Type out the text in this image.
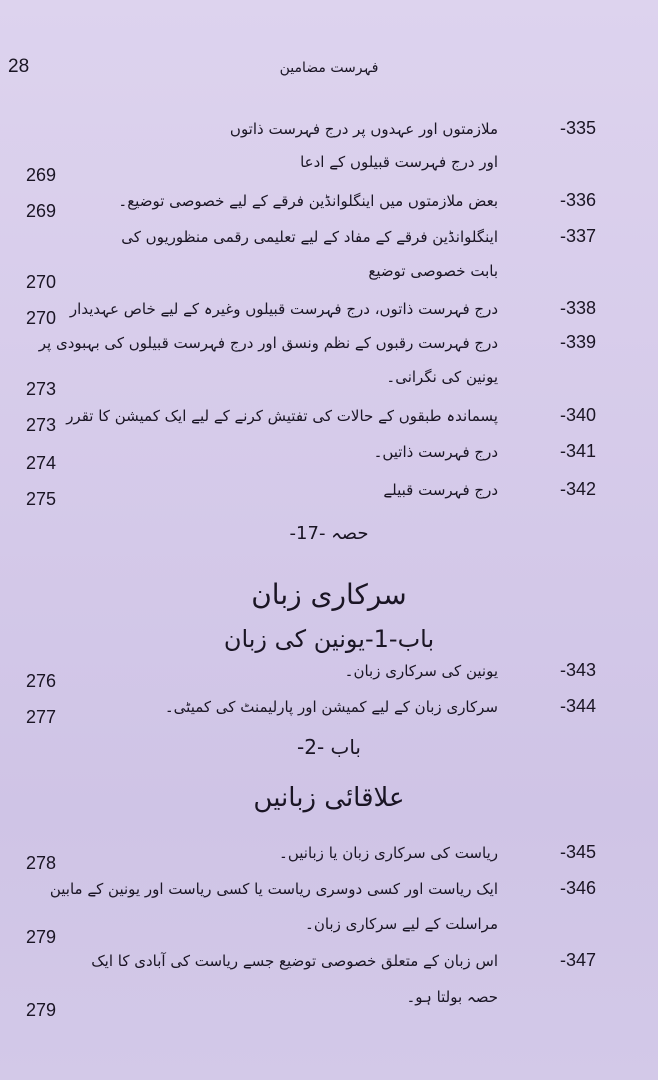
28	فہرست مضامین
-335
ملازمتوں اور عہدوں پر درج فہرست ذاتوں
اور درج فہرست قبیلوں کے ادعا
269
-336
بعض ملازمتوں میں اینگلوانڈین فرقے کے لیے خصوصی توضیع۔
269
-337
اینگلوانڈین فرقے کے مفاد کے لیے تعلیمی رقمی منظوریوں کی
بابت خصوصی توضیع
270
-338
درج فہرست ذاتوں، درج فہرست قبیلوں وغیرہ کے لیے خاص عہدیدار
270
-339
درج فہرست رقبوں کے نظم ونسق اور درج فہرست قبیلوں کی بہبودی پر
یونین کی نگرانی۔
273
-340
پسماندہ طبقوں کے حالات کی تفتیش کرنے کے لیے ایک کمیشن کا تقرر
273
-341
درج فہرست ذاتیں۔
274
-342
درج فہرست قبیلے
275
-343
یونین کی سرکاری زبان۔
276
-344
سرکاری زبان کے لیے کمیشن اور پارلیمنٹ کی کمیٹی۔
277
-345
ریاست کی سرکاری زبان یا زبانیں۔
278
-346
ایک ریاست اور کسی دوسری ریاست یا کسی ریاست اور یونین کے مابین
مراسلت کے لیے سرکاری زبان۔
279
-347
اس زبان کے متعلق خصوصی توضیع جسے ریاست کی آبادی کا ایک
حصہ بولتا ہو۔
279
حصہ -17-
سرکاری زبان
باب-1-یونین کی زبان
باب -2-
علاقائی زبانیں
